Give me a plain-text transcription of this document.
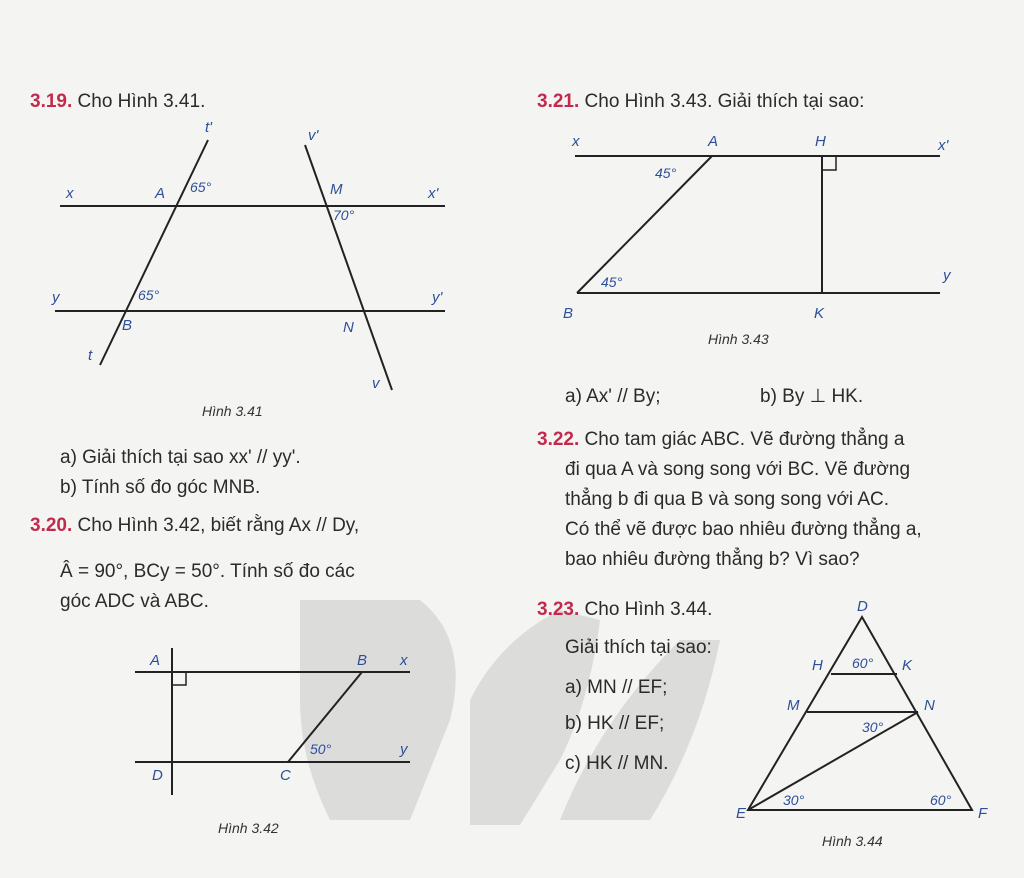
3.19. Cho Hình 3.41.
t'	v'
x	A 65°	M
70°
x'
y	65°
B	N
y'
t
v
Hình 3.41
a) Giải thích tại sao xx' // yy'.
b) Tính số đo góc MNB.
3.20. Cho Hình 3.42, biết rằng Ax // Dy,
Â = 90°, BCy = 50°. Tính số đo các
góc ADC và ABC.
A	B x
D	C
50°	y
Hình 3.42
3.21. Cho Hình 3.43. Giải thích tại sao:
x	A	H	x'
45°
45°	y
B	K
Hình 3.43
a) Ax' // By;	b) By ⊥ HK.
3.22. Cho tam giác ABC. Vẽ đường thẳng a
đi qua A và song song với BC. Vẽ đường
thẳng b đi qua B và song song với AC.
Có thể vẽ được bao nhiêu đường thẳng a,
bao nhiêu đường thẳng b? Vì sao?
3.23. Cho Hình 3.44.
Giải thích tại sao:
a) MN // EF;
b) HK // EF;
c) HK // MN.
D
H 60° K
M	N
30°
E
30°	60°
F
Hình 3.44
